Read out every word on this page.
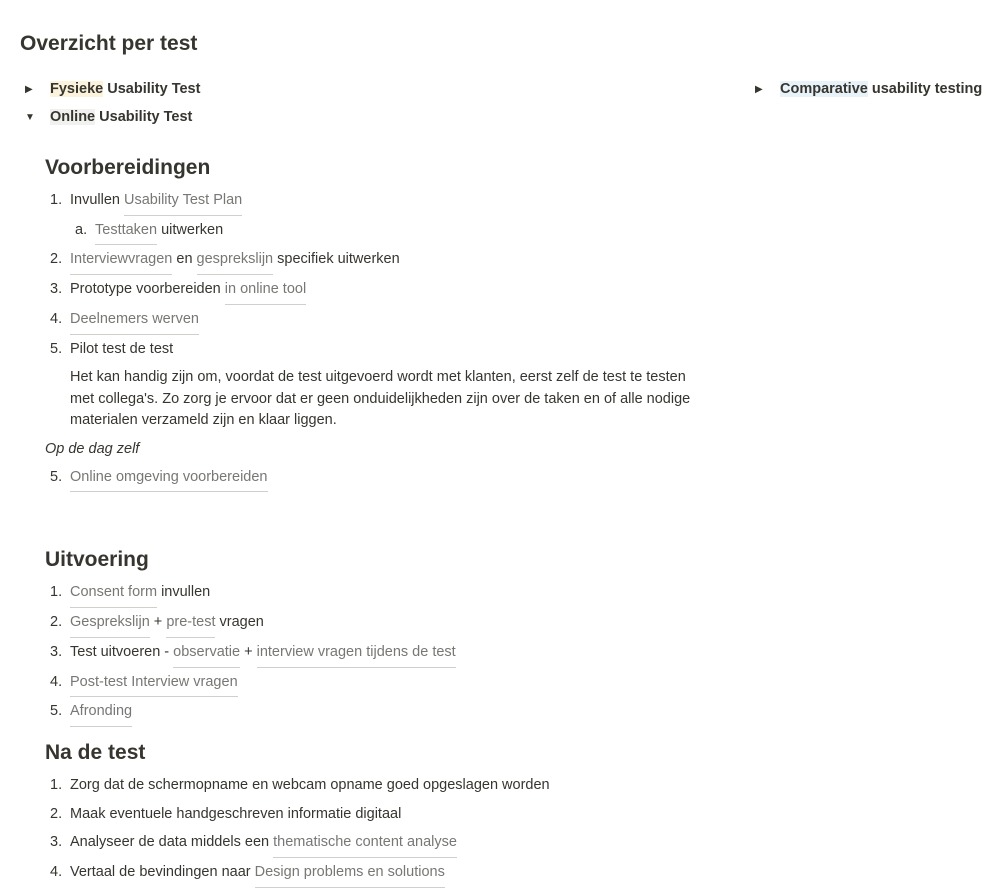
Overzicht per test
▶	Fysieke Usability Test
▼ Online Usability Test
▶	Comparative usability testing
Voorbereidingen
1. Invullen Usability Test Plan
a. Testtaken uitwerken
2. Interviewvragen en gesprekslijn specifiek uitwerken
3. Prototype voorbereiden in online tool
4. Deelnemers werven
5. Pilot test de test
Het kan handig zijn om, voordat de test uitgevoerd wordt met klanten, eerst zelf de test te testen
met collega's. Zo zorg je ervoor dat er geen onduidelijkheden zijn over de taken en of alle nodige
materialen verzameld zijn en klaar liggen.
Op de dag zelf
5. Online omgeving voorbereiden
Uitvoering
1. Consent form invullen
2. Gesprekslijn + pre-test vragen
3. Test uitvoeren - observatie + interview vragen tijdens de test
4. Post-test Interview vragen
5. Afronding
Na de test
1. Zorg dat de schermopname en webcam opname goed opgeslagen worden
2. Maak eventuele handgeschreven informatie digitaal
3. Analyseer de data middels een thematische content analyse
4. Vertaal de bevindingen naar Design problems en solutions
